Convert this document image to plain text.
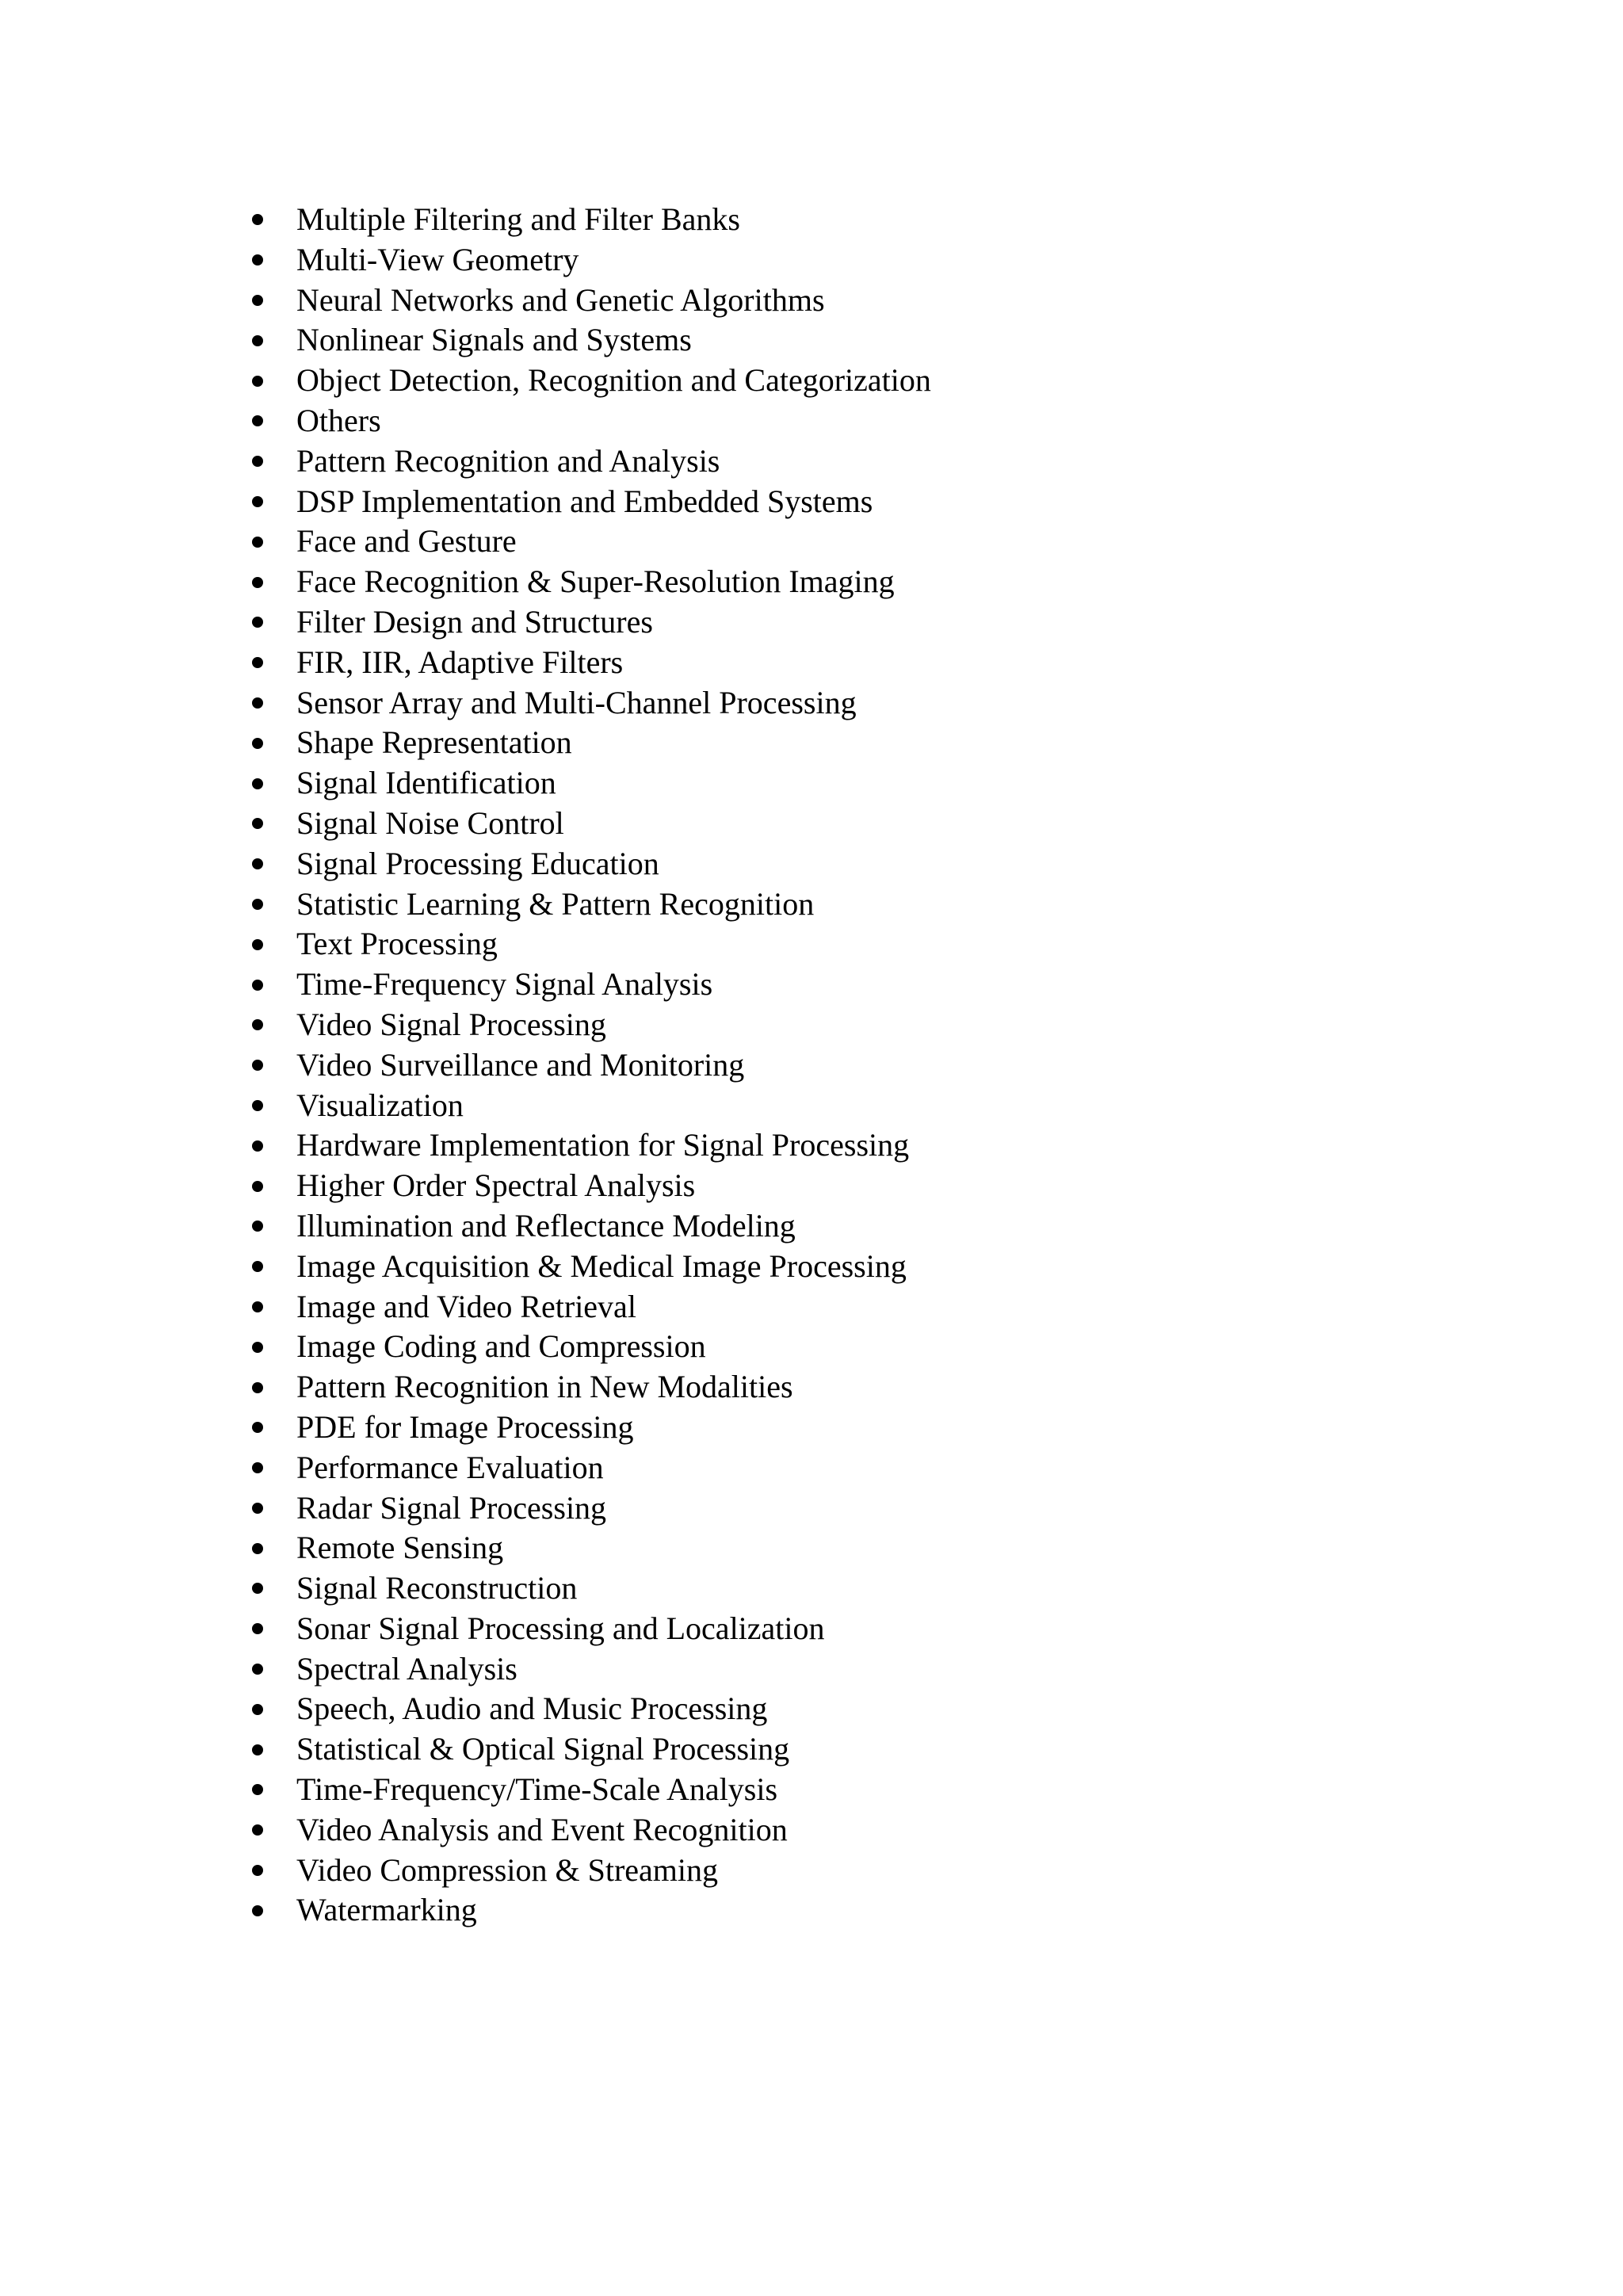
Multiple Filtering and Filter Banks
Multi-View Geometry
Neural Networks and Genetic Algorithms
Nonlinear Signals and Systems
Object Detection, Recognition and Categorization
Others
Pattern Recognition and Analysis
DSP Implementation and Embedded Systems
Face and Gesture
Face Recognition & Super-Resolution Imaging
Filter Design and Structures
FIR, IIR, Adaptive Filters
Sensor Array and Multi-Channel Processing
Shape Representation
Signal Identification
Signal Noise Control
Signal Processing Education
Statistic Learning & Pattern Recognition
Text Processing
Time-Frequency Signal Analysis
Video Signal Processing
Video Surveillance and Monitoring
Visualization
Hardware Implementation for Signal Processing
Higher Order Spectral Analysis
Illumination and Reflectance Modeling
Image Acquisition & Medical Image Processing
Image and Video Retrieval
Image Coding and Compression
Pattern Recognition in New Modalities
PDE for Image Processing
Performance Evaluation
Radar Signal Processing
Remote Sensing
Signal Reconstruction
Sonar Signal Processing and Localization
Spectral Analysis
Speech, Audio and Music Processing
Statistical & Optical Signal Processing
Time-Frequency/Time-Scale Analysis
Video Analysis and Event Recognition
Video Compression & Streaming
Watermarking
